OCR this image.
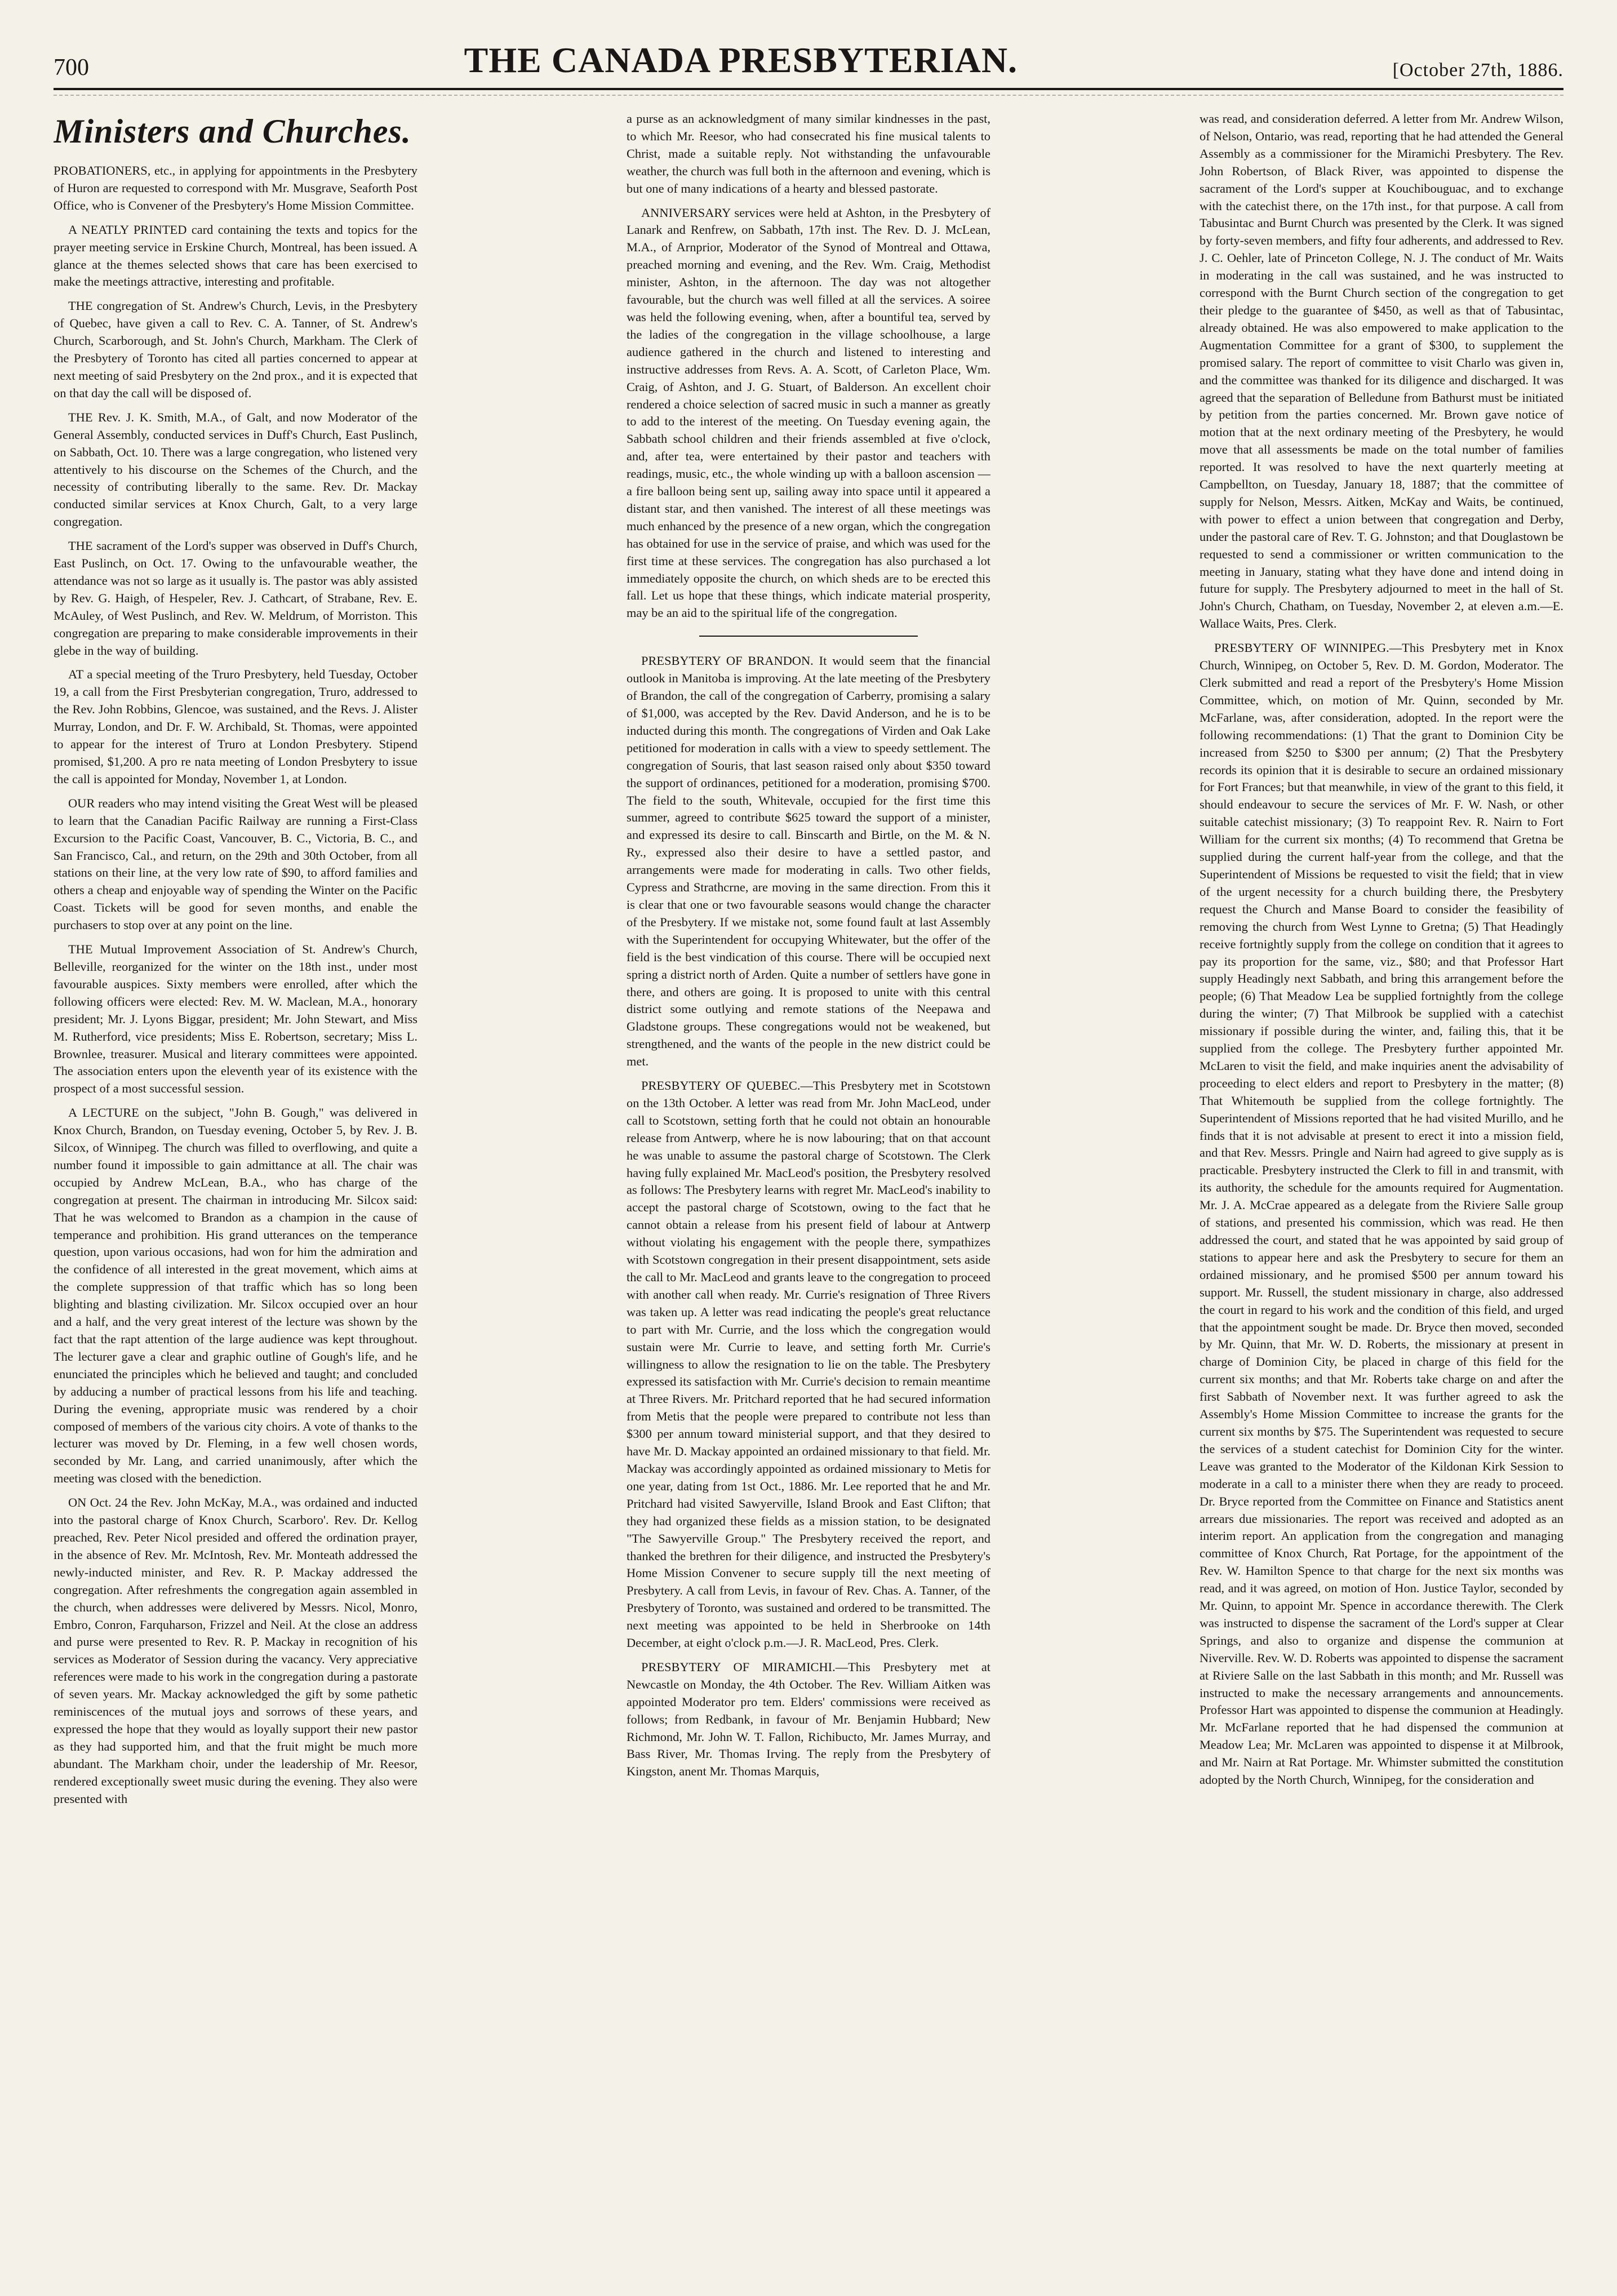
700	THE CANADA PRESBYTERIAN.	[October 27th, 1886.
Ministers and Churches.

PROBATIONERS, etc., in applying for appointments in the Presbytery of Huron are requested to correspond with Mr. Musgrave, Seaforth Post Office, who is Convener of the Presbytery's Home Mission Committee.

A NEATLY PRINTED card containing the texts and topics for the prayer meeting service in Erskine Church, Montreal, has been issued. A glance at the themes selected shows that care has been exercised to make the meetings attractive, interesting and profitable.

THE congregation of St. Andrew's Church, Levis, in the Presbytery of Quebec, have given a call to Rev. C. A. Tanner, of St. Andrew's Church, Scarborough, and St. John's Church, Markham. The Clerk of the Presbytery of Toronto has cited all parties concerned to appear at next meeting of said Presbytery on the 2nd prox., and it is expected that on that day the call will be disposed of.

THE Rev. J. K. Smith, M.A., of Galt, and now Moderator of the General Assembly, conducted services in Duff's Church, East Puslinch, on Sabbath, Oct. 10. There was a large congregation, who listened very attentively to his discourse on the Schemes of the Church, and the necessity of contributing liberally to the same. Rev. Dr. Mackay conducted similar services at Knox Church, Galt, to a very large congregation.

THE sacrament of the Lord's supper was observed in Duff's Church, East Puslinch, on Oct. 17. Owing to the unfavourable weather, the attendance was not so large as it usually is. The pastor was ably assisted by Rev. G. Haigh, of Hespeler, Rev. J. Cathcart, of Strabane, Rev. E. McAuley, of West Puslinch, and Rev. W. Meldrum, of Morriston. This congregation are preparing to make considerable improvements in their glebe in the way of building.

AT a special meeting of the Truro Presbytery, held Tuesday, October 19, a call from the First Presbyterian congregation, Truro, addressed to the Rev. John Robbins, Glencoe, was sustained, and the Revs. J. Alister Murray, London, and Dr. F. W. Archibald, St. Thomas, were appointed to appear for the interest of Truro at London Presbytery. Stipend promised, $1,200. A pro re nata meeting of London Presbytery to issue the call is appointed for Monday, November 1, at London.

OUR readers who may intend visiting the Great West will be pleased to learn that the Canadian Pacific Railway are running a First-Class Excursion to the Pacific Coast, Vancouver, B. C., Victoria, B. C., and San Francisco, Cal., and return, on the 29th and 30th October, from all stations on their line, at the very low rate of $90, to afford families and others a cheap and enjoyable way of spending the Winter on the Pacific Coast. Tickets will be good for seven months, and enable the purchasers to stop over at any point on the line.

THE Mutual Improvement Association of St. Andrew's Church, Belleville, reorganized for the winter on the 18th inst., under most favourable auspices. Sixty members were enrolled, after which the following officers were elected: Rev. M. W. Maclean, M.A., honorary president; Mr. J. Lyons Biggar, president; Mr. John Stewart, and Miss M. Rutherford, vice presidents; Miss E. Robertson, secretary; Miss L. Brownlee, treasurer. Musical and literary committees were appointed. The association enters upon the eleventh year of its existence with the prospect of a most successful session.

A LECTURE on the subject, "John B. Gough," was delivered in Knox Church, Brandon, on Tuesday evening, October 5, by Rev. J. B. Silcox, of Winnipeg. The church was filled to overflowing, and quite a number found it impossible to gain admittance at all. The chair was occupied by Andrew McLean, B.A., who has charge of the congregation at present. The chairman in introducing Mr. Silcox said: That he was welcomed to Brandon as a champion in the cause of temperance and prohibition. His grand utterances on the temperance question, upon various occasions, had won for him the admiration and the confidence of all interested in the great movement, which aims at the complete suppression of that traffic which has so long been blighting and blasting civilization. Mr. Silcox occupied over an hour and a half, and the very great interest of the lecture was shown by the fact that the rapt attention of the large audience was kept throughout. The lecturer gave a clear and graphic outline of Gough's life, and he enunciated the principles which he believed and taught; and concluded by adducing a number of practical lessons from his life and teaching. During the evening, appropriate music was rendered by a choir composed of members of the various city choirs. A vote of thanks to the lecturer was moved by Dr. Fleming, in a few well chosen words, seconded by Mr. Lang, and carried unanimously, after which the meeting was closed with the benediction.

ON Oct. 24 the Rev. John McKay, M.A., was ordained and inducted into the pastoral charge of Knox Church, Scarboro'. Rev. Dr. Kellog preached, Rev. Peter Nicol presided and offered the ordination prayer, in the absence of Rev. Mr. McIntosh, Rev. Mr. Monteath addressed the newly-inducted minister, and Rev. R. P. Mackay addressed the congregation. After refreshments the congregation again assembled in the church, when addresses were delivered by Messrs. Nicol, Monro, Embro, Conron, Farquharson, Frizzel and Neil. At the close an address and purse were presented to Rev. R. P. Mackay in recognition of his services as Moderator of Session during the vacancy. Very appreciative references were made to his work in the congregation during a pastorate of seven years. Mr. Mackay acknowledged the gift by some pathetic reminiscences of the mutual joys and sorrows of these years, and expressed the hope that they would as loyally support their new pastor as they had supported him, and that the fruit might be much more abundant. The Markham choir, under the leadership of Mr. Reesor, rendered exceptionally sweet music during the evening. They also were presented with

a purse as an acknowledgment of many similar kindnesses in the past, to which Mr. Reesor, who had consecrated his fine musical talents to Christ, made a suitable reply. Not withstanding the unfavourable weather, the church was full both in the afternoon and evening, which is but one of many indications of a hearty and blessed pastorate.

ANNIVERSARY services were held at Ashton, in the Presbytery of Lanark and Renfrew, on Sabbath, 17th inst. The Rev. D. J. McLean, M.A., of Arnprior, Moderator of the Synod of Montreal and Ottawa, preached morning and evening, and the Rev. Wm. Craig, Methodist minister, Ashton, in the afternoon. The day was not altogether favourable, but the church was well filled at all the services. A soiree was held the following evening, when, after a bountiful tea, served by the ladies of the congregation in the village schoolhouse, a large audience gathered in the church and listened to interesting and instructive addresses from Revs. A. A. Scott, of Carleton Place, Wm. Craig, of Ashton, and J. G. Stuart, of Balderson. An excellent choir rendered a choice selection of sacred music in such a manner as greatly to add to the interest of the meeting. On Tuesday evening again, the Sabbath school children and their friends assembled at five o'clock, and, after tea, were entertained by their pastor and teachers with readings, music, etc., the whole winding up with a balloon ascension —a fire balloon being sent up, sailing away into space until it appeared a distant star, and then vanished. The interest of all these meetings was much enhanced by the presence of a new organ, which the congregation has obtained for use in the service of praise, and which was used for the first time at these services. The congregation has also purchased a lot immediately opposite the church, on which sheds are to be erected this fall. Let us hope that these things, which indicate material prosperity, may be an aid to the spiritual life of the congregation.

PRESBYTERY OF BRANDON. It would seem that the financial outlook in Manitoba is improving. At the late meeting of the Presbytery of Brandon, the call of the congregation of Carberry, promising a salary of $1,000, was accepted by the Rev. David Anderson, and he is to be inducted during this month. The congregations of Virden and Oak Lake petitioned for moderation in calls with a view to speedy settlement. The congregation of Souris, that last season raised only about $350 toward the support of ordinances, petitioned for a moderation, promising $700. The field to the south, Whitevale, occupied for the first time this summer, agreed to contribute $625 toward the support of a minister, and expressed its desire to call. Binscarth and Birtle, on the M. & N. Ry., expressed also their desire to have a settled pastor, and arrangements were made for moderating in calls. Two other fields, Cypress and Strathcrne, are moving in the same direction. From this it is clear that one or two favourable seasons would change the character of the Presbytery. If we mistake not, some found fault at last Assembly with the Superintendent for occupying Whitewater, but the offer of the field is the best vindication of this course. There will be occupied next spring a district north of Arden. Quite a number of settlers have gone in there, and others are going. It is proposed to unite with this central district some outlying and remote stations of the Neepawa and Gladstone groups. These congregations would not be weakened, but strengthened, and the wants of the people in the new district could be met.

PRESBYTERY OF QUEBEC.—This Presbytery met in Scotstown on the 13th October. A letter was read from Mr. John MacLeod, under call to Scotstown, setting forth that he could not obtain an honourable release from Antwerp, where he is now labouring; that on that account he was unable to assume the pastoral charge of Scotstown. The Clerk having fully explained Mr. MacLeod's position, the Presbytery resolved as follows: The Presbytery learns with regret Mr. MacLeod's inability to accept the pastoral charge of Scotstown, owing to the fact that he cannot obtain a release from his present field of labour at Antwerp without violating his engagement with the people there, sympathizes with Scotstown congregation in their present disappointment, sets aside the call to Mr. MacLeod and grants leave to the congregation to proceed with another call when ready. Mr. Currie's resignation of Three Rivers was taken up. A letter was read indicating the people's great reluctance to part with Mr. Currie, and the loss which the congregation would sustain were Mr. Currie to leave, and setting forth Mr. Currie's willingness to allow the resignation to lie on the table. The Presbytery expressed its satisfaction with Mr. Currie's decision to remain meantime at Three Rivers. Mr. Pritchard reported that he had secured information from Metis that the people were prepared to contribute not less than $300 per annum toward ministerial support, and that they desired to have Mr. D. Mackay appointed an ordained missionary to that field. Mr. Mackay was accordingly appointed as ordained missionary to Metis for one year, dating from 1st Oct., 1886. Mr. Lee reported that he and Mr. Pritchard had visited Sawyerville, Island Brook and East Clifton; that they had organized these fields as a mission station, to be designated "The Sawyerville Group." The Presbytery received the report, and thanked the brethren for their diligence, and instructed the Presbytery's Home Mission Convener to secure supply till the next meeting of Presbytery. A call from Levis, in favour of Rev. Chas. A. Tanner, of the Presbytery of Toronto, was sustained and ordered to be transmitted. The next meeting was appointed to be held in Sherbrooke on 14th December, at eight o'clock p.m.—J. R. MacLeod, Pres. Clerk.

PRESBYTERY OF MIRAMICHI.—This Presbytery met at Newcastle on Monday, the 4th October. The Rev. William Aitken was appointed Moderator pro tem. Elders' commissions were received as follows; from Redbank, in favour of Mr. Benjamin Hubbard; New Richmond, Mr. John W. T. Fallon, Richibucto, Mr. James Murray, and Bass River, Mr. Thomas Irving. The reply from the Presbytery of Kingston, anent Mr. Thomas Marquis,

was read, and consideration deferred. A letter from Mr. Andrew Wilson, of Nelson, Ontario, was read, reporting that he had attended the General Assembly as a commissioner for the Miramichi Presbytery. The Rev. John Robertson, of Black River, was appointed to dispense the sacrament of the Lord's supper at Kouchibouguac, and to exchange with the catechist there, on the 17th inst., for that purpose. A call from Tabusintac and Burnt Church was presented by the Clerk. It was signed by forty-seven members, and fifty four adherents, and addressed to Rev. J. C. Oehler, late of Princeton College, N. J. The conduct of Mr. Waits in moderating in the call was sustained, and he was instructed to correspond with the Burnt Church section of the congregation to get their pledge to the guarantee of $450, as well as that of Tabusintac, already obtained. He was also empowered to make application to the Augmentation Committee for a grant of $300, to supplement the promised salary. The report of committee to visit Charlo was given in, and the committee was thanked for its diligence and discharged. It was agreed that the separation of Belledune from Bathurst must be initiated by petition from the parties concerned. Mr. Brown gave notice of motion that at the next ordinary meeting of the Presbytery, he would move that all assessments be made on the total number of families reported. It was resolved to have the next quarterly meeting at Campbellton, on Tuesday, January 18, 1887; that the committee of supply for Nelson, Messrs. Aitken, McKay and Waits, be continued, with power to effect a union between that congregation and Derby, under the pastoral care of Rev. T. G. Johnston; and that Douglastown be requested to send a commissioner or written communication to the meeting in January, stating what they have done and intend doing in future for supply. The Presbytery adjourned to meet in the hall of St. John's Church, Chatham, on Tuesday, November 2, at eleven a.m.—E. Wallace Waits, Pres. Clerk.

PRESBYTERY OF WINNIPEG.—This Presbytery met in Knox Church, Winnipeg, on October 5, Rev. D. M. Gordon, Moderator. The Clerk submitted and read a report of the Presbytery's Home Mission Committee, which, on motion of Mr. Quinn, seconded by Mr. McFarlane, was, after consideration, adopted. In the report were the following recommendations: (1) That the grant to Dominion City be increased from $250 to $300 per annum; (2) That the Presbytery records its opinion that it is desirable to secure an ordained missionary for Fort Frances; but that meanwhile, in view of the grant to this field, it should endeavour to secure the services of Mr. F. W. Nash, or other suitable catechist missionary; (3) To reappoint Rev. R. Nairn to Fort William for the current six months; (4) To recommend that Gretna be supplied during the current half-year from the college, and that the Superintendent of Missions be requested to visit the field; that in view of the urgent necessity for a church building there, the Presbytery request the Church and Manse Board to consider the feasibility of removing the church from West Lynne to Gretna; (5) That Headingly receive fortnightly supply from the college on condition that it agrees to pay its proportion for the same, viz., $80; and that Professor Hart supply Headingly next Sabbath, and bring this arrangement before the people; (6) That Meadow Lea be supplied fortnightly from the college during the winter; (7) That Milbrook be supplied with a catechist missionary if possible during the winter, and, failing this, that it be supplied from the college. The Presbytery further appointed Mr. McLaren to visit the field, and make inquiries anent the advisability of proceeding to elect elders and report to Presbytery in the matter; (8) That Whitemouth be supplied from the college fortnightly. The Superintendent of Missions reported that he had visited Murillo, and he finds that it is not advisable at present to erect it into a mission field, and that Rev. Messrs. Pringle and Nairn had agreed to give supply as is practicable. Presbytery instructed the Clerk to fill in and transmit, with its authority, the schedule for the amounts required for Augmentation. Mr. J. A. McCrae appeared as a delegate from the Riviere Salle group of stations, and presented his commission, which was read. He then addressed the court, and stated that he was appointed by said group of stations to appear here and ask the Presbytery to secure for them an ordained missionary, and he promised $500 per annum toward his support. Mr. Russell, the student missionary in charge, also addressed the court in regard to his work and the condition of this field, and urged that the appointment sought be made. Dr. Bryce then moved, seconded by Mr. Quinn, that Mr. W. D. Roberts, the missionary at present in charge of Dominion City, be placed in charge of this field for the current six months; and that Mr. Roberts take charge on and after the first Sabbath of November next. It was further agreed to ask the Assembly's Home Mission Committee to increase the grants for the current six months by $75. The Superintendent was requested to secure the services of a student catechist for Dominion City for the winter. Leave was granted to the Moderator of the Kildonan Kirk Session to moderate in a call to a minister there when they are ready to proceed. Dr. Bryce reported from the Committee on Finance and Statistics anent arrears due missionaries. The report was received and adopted as an interim report. An application from the congregation and managing committee of Knox Church, Rat Portage, for the appointment of the Rev. W. Hamilton Spence to that charge for the next six months was read, and it was agreed, on motion of Hon. Justice Taylor, seconded by Mr. Quinn, to appoint Mr. Spence in accordance therewith. The Clerk was instructed to dispense the sacrament of the Lord's supper at Clear Springs, and also to organize and dispense the communion at Niverville. Rev. W. D. Roberts was appointed to dispense the sacrament at Riviere Salle on the last Sabbath in this month; and Mr. Russell was instructed to make the necessary arrangements and announcements. Professor Hart was appointed to dispense the communion at Headingly. Mr. McFarlane reported that he had dispensed the communion at Meadow Lea; Mr. McLaren was appointed to dispense it at Milbrook, and Mr. Nairn at Rat Portage. Mr. Whimster submitted the constitution adopted by the North Church, Winnipeg, for the consideration and
